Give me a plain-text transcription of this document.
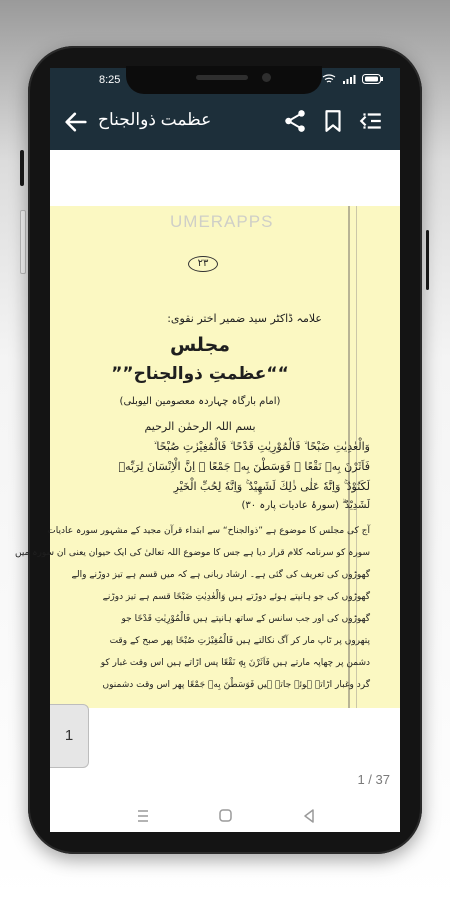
8:25
عظمت ذوالجناح
UMERAPPS
٢٣
علامہ ڈاکٹر سید ضمیر اختر نقوی:
مجلس
““عظمتِ ذوالجناح””
(امام بارگاہ چہاردہ معصومین الیوبلی)
بسم اللہ الرحمٰن الرحیم
وَالْعٰدِيٰتِ ضَبْحًا ۙ فَالْمُوْرِيٰتِ قَدْحًا ۙ فَالْمُغِيْرٰتِ صُبْحًا ۙ
فَاَثَرْنَ بِهٖ نَقْعًا ۙ فَوَسَطْنَ بِهٖ جَمْعًا ۙ اِنَّ الْاِنْسَانَ لِرَبِّهٖ
لَكَنُوْدٌ ۚ وَاِنَّهٗ عَلٰى ذٰلِكَ لَشَهِيْدٌ ۚ وَاِنَّهٗ لِحُبِّ الْخَيْرِ
لَشَدِيْدٌ ۗ (سورۂ عادیات پارہ ۳۰)
آج کی مجلس کا موضوع ہے ”ذوالجناح“ سے ابتداء قرآن مجید کے مشہور سورہ عادیات
سورہ کو سرنامہ کلام قرار دیا ہے جس کا موضوع اللہ تعالیٰ کی ایک حیوان یعنی ان سورہ میں
گھوڑوں کی تعریف کی گئی ہے۔ ارشاد ربانی ہے کہ میں قسم ہے تیز دوڑنے والے
گھوڑوں کی جو ہانپتے ہوئے دوڑتے ہیں وَالْعٰدِيٰتِ ضَبْحًا قسم ہے تیز دوڑنے
گھوڑوں کی اور جب سانس کے ساتھ ہانپتے ہیں فَالْمُوْرِيٰتِ قَدْحًا جو
پتھروں پر ٹاپ مار کر آگ نکالتے ہیں فَالْمُغِيْرٰتِ صُبْحًا پھر صبح کے وقت
دشمن پر چھاپہ مارتے ہیں فَاَثَرْنَ بِهٖ نَقْعًا پس اڑاتے ہیں اس وقت غبار کو
گرد وغبار اڑاتے ہوئے جاتے ہیں فَوَسَطْنَ بِهٖ جَمْعًا پھر اس وقت دشمنوں
1
1 / 37
